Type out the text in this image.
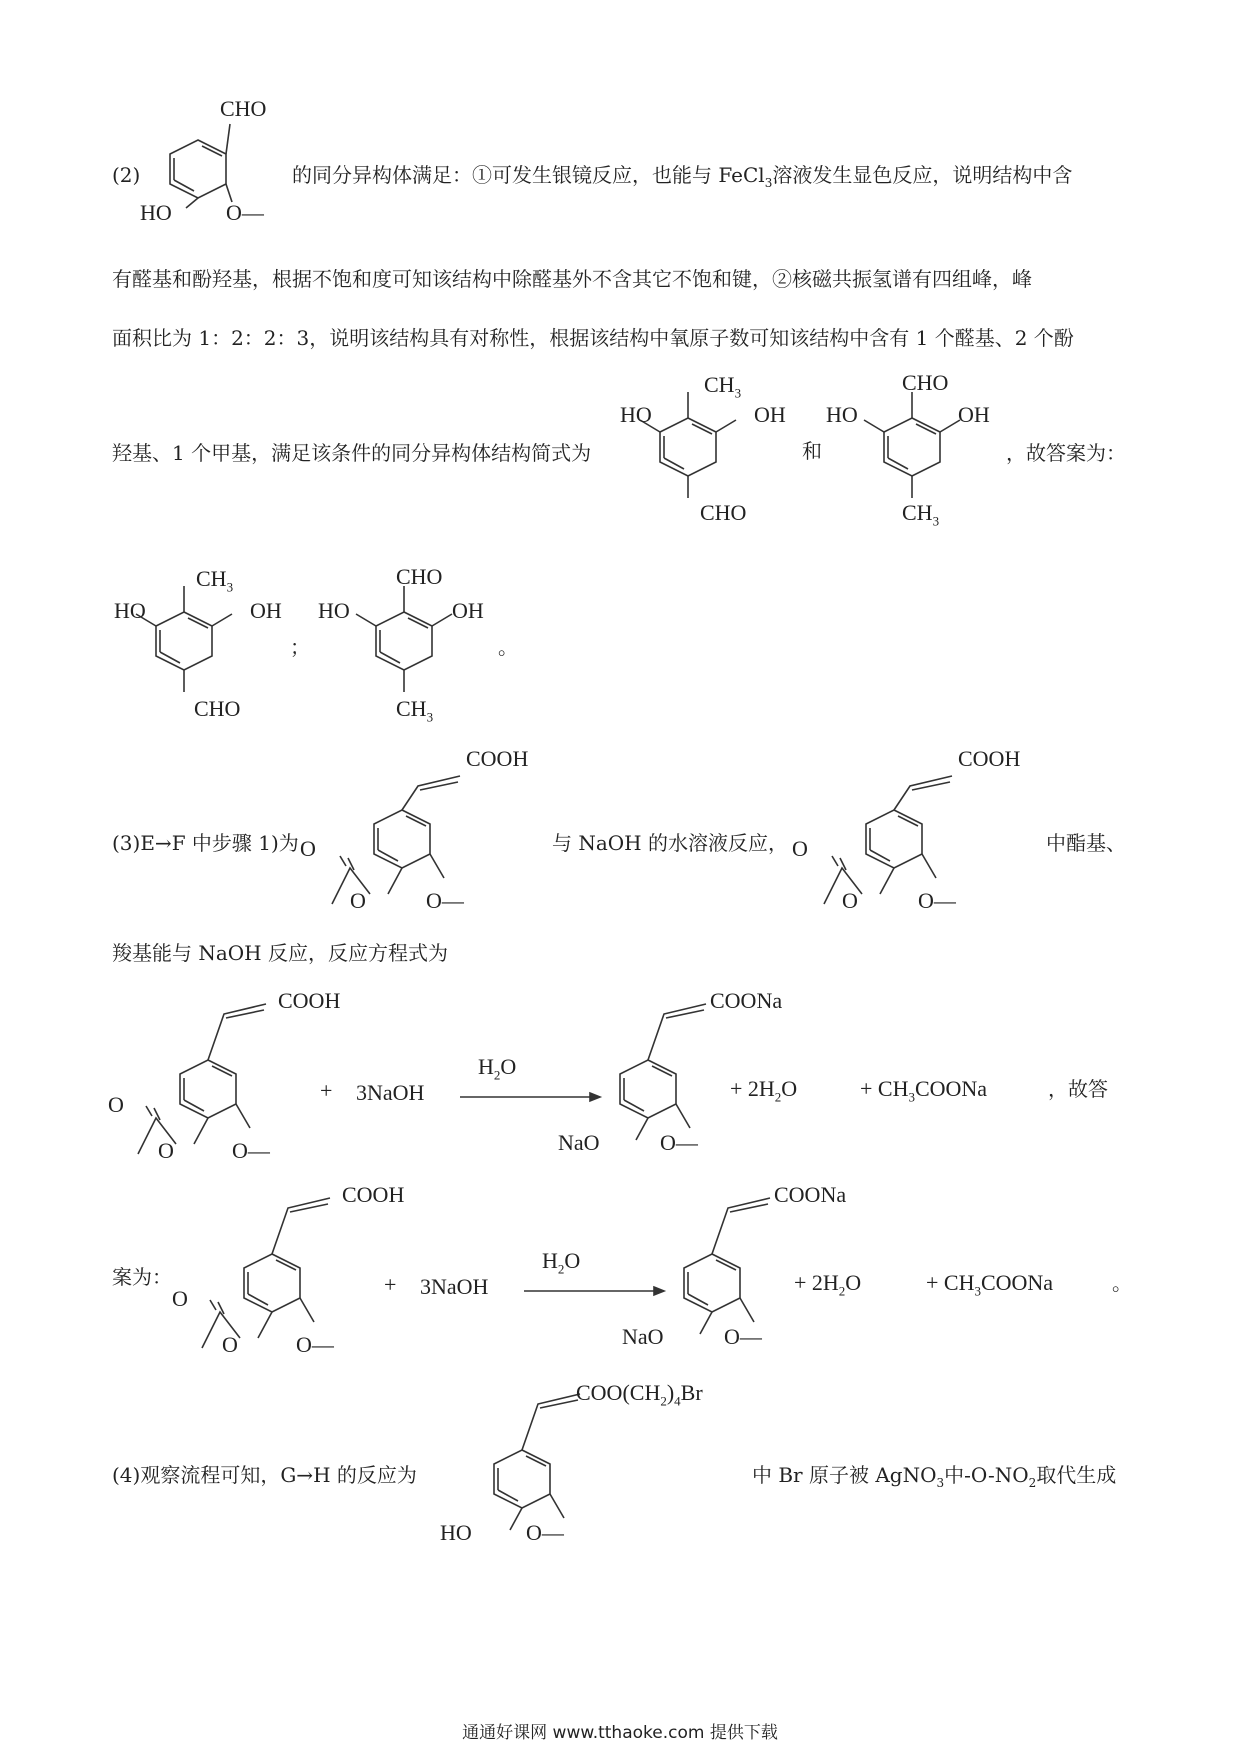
(2)
CHO
HO O—
的同分异构体满足：①可发生银镜反应，也能与 FeCl$_3$溶液发生显色反应，说明结构中含
有醛基和酚羟基，根据不饱和度可知该结构中除醛基外不含其它不饱和键，②核磁共振氢谱有四组峰，峰
面积比为 1：2：2：3，说明该结构具有对称性，根据该结构中氧原子数可知该结构中含有 1 个醛基、2 个酚
$CH_3$
HO	OH
CHO
羟基、1 个甲基，满足该条件的同分异构体结构简式为	和
CHO
HO	OH
$CH_3$
，故答案为：
$CH_3$
HO	OH
CHO
；
CHO
HO	OH
$CH_3$
。
(3)E→F 中步骤 1)为
COOH
O
O	O—
与 NaOH 的水溶液反应，
COOH
O
O	O—
中酯基、
羧基能与 NaOH 反应，反应方程式为
COOH
O
O	O—
+ 3NaOH
$H_2O$
COONa
NaO	O—
+ $2H_2O$	+ $CH_3COONa$	，故答
案为：
COOH
O
O	O—
+ 3NaOH
$H_2O$
COONa
NaO	O—
+ $2H_2O$	+ $CH_3COONa$	。
(4)观察流程可知，G→H 的反应为
$COO(CH_2)_4Br$
HO O—
中 Br 原子被 AgNO$_3$中$-O-NO_2$取代生成
通通好课网 www.tthaoke.com 提供下载
